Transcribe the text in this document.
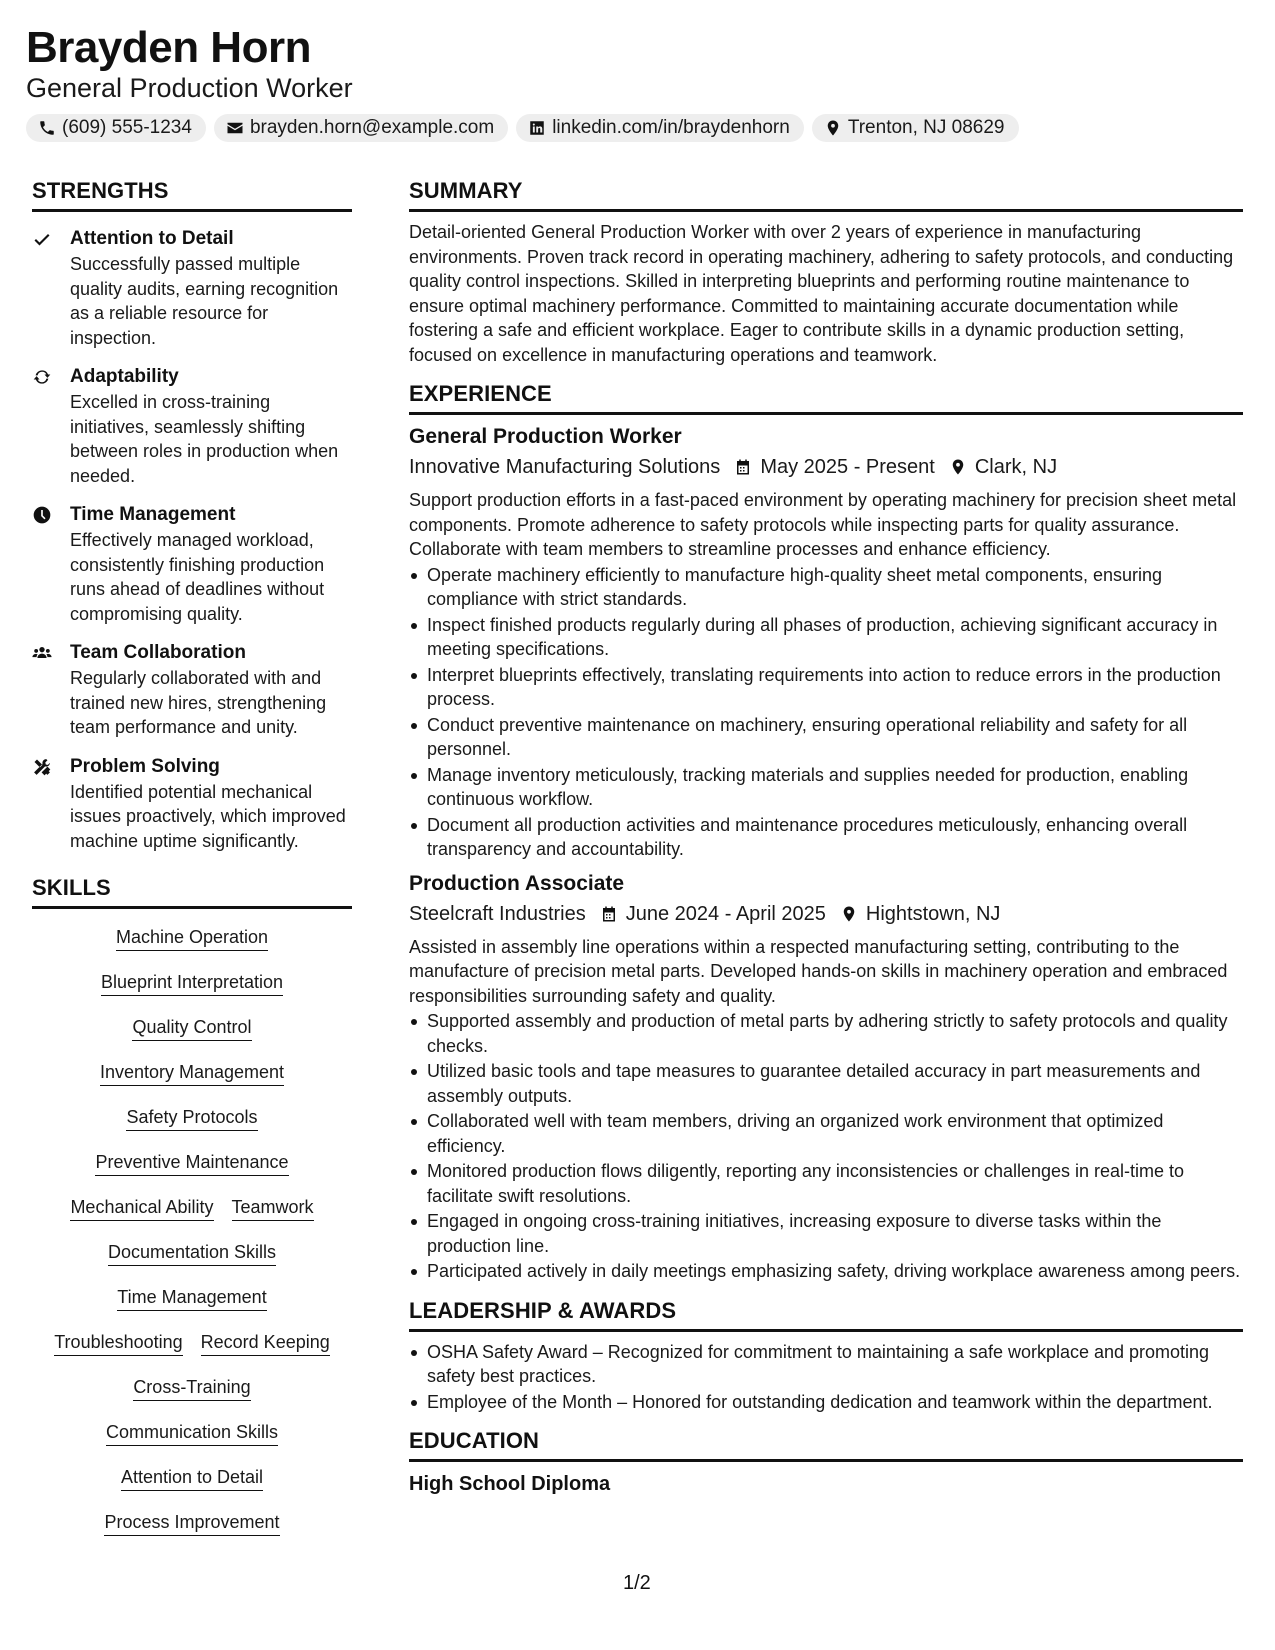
Brayden Horn
General Production Worker
(609) 555-1234	brayden.horn@example.com	linkedin.com/in/braydenhorn	Trenton, NJ 08629
STRENGTHS
Attention to Detail
Successfully passed multiple quality audits, earning recognition as a reliable resource for inspection.
Adaptability
Excelled in cross-training initiatives, seamlessly shifting between roles in production when needed.
Time Management
Effectively managed workload, consistently finishing production runs ahead of deadlines without compromising quality.
Team Collaboration
Regularly collaborated with and trained new hires, strengthening team performance and unity.
Problem Solving
Identified potential mechanical issues proactively, which improved machine uptime significantly.
SKILLS
Machine Operation
Blueprint Interpretation
Quality Control
Inventory Management
Safety Protocols
Preventive Maintenance
Mechanical Ability Teamwork
Documentation Skills
Time Management
Troubleshooting Record Keeping
Cross-Training
Communication Skills
Attention to Detail
Process Improvement
SUMMARY
Detail-oriented General Production Worker with over 2 years of experience in manufacturing environments. Proven track record in operating machinery, adhering to safety protocols, and conducting quality control inspections. Skilled in interpreting blueprints and performing routine maintenance to ensure optimal machinery performance. Committed to maintaining accurate documentation while fostering a safe and efficient workplace. Eager to contribute skills in a dynamic production setting, focused on excellence in manufacturing operations and teamwork.
EXPERIENCE
General Production Worker
Innovative Manufacturing Solutions May 2025 - Present Clark, NJ
Support production efforts in a fast-paced environment by operating machinery for precision sheet metal components. Promote adherence to safety protocols while inspecting parts for quality assurance. Collaborate with team members to streamline processes and enhance efficiency.
Operate machinery efficiently to manufacture high-quality sheet metal components, ensuring compliance with strict standards.
Inspect finished products regularly during all phases of production, achieving significant accuracy in meeting specifications.
Interpret blueprints effectively, translating requirements into action to reduce errors in the production process.
Conduct preventive maintenance on machinery, ensuring operational reliability and safety for all personnel.
Manage inventory meticulously, tracking materials and supplies needed for production, enabling continuous workflow.
Document all production activities and maintenance procedures meticulously, enhancing overall transparency and accountability.
Production Associate
Steelcraft Industries June 2024 - April 2025 Hightstown, NJ
Assisted in assembly line operations within a respected manufacturing setting, contributing to the manufacture of precision metal parts. Developed hands-on skills in machinery operation and embraced responsibilities surrounding safety and quality.
Supported assembly and production of metal parts by adhering strictly to safety protocols and quality checks.
Utilized basic tools and tape measures to guarantee detailed accuracy in part measurements and assembly outputs.
Collaborated well with team members, driving an organized work environment that optimized efficiency.
Monitored production flows diligently, reporting any inconsistencies or challenges in real-time to facilitate swift resolutions.
Engaged in ongoing cross-training initiatives, increasing exposure to diverse tasks within the production line.
Participated actively in daily meetings emphasizing safety, driving workplace awareness among peers.
LEADERSHIP & AWARDS
OSHA Safety Award – Recognized for commitment to maintaining a safe workplace and promoting safety best practices.
Employee of the Month – Honored for outstanding dedication and teamwork within the department.
EDUCATION
High School Diploma
1/2
